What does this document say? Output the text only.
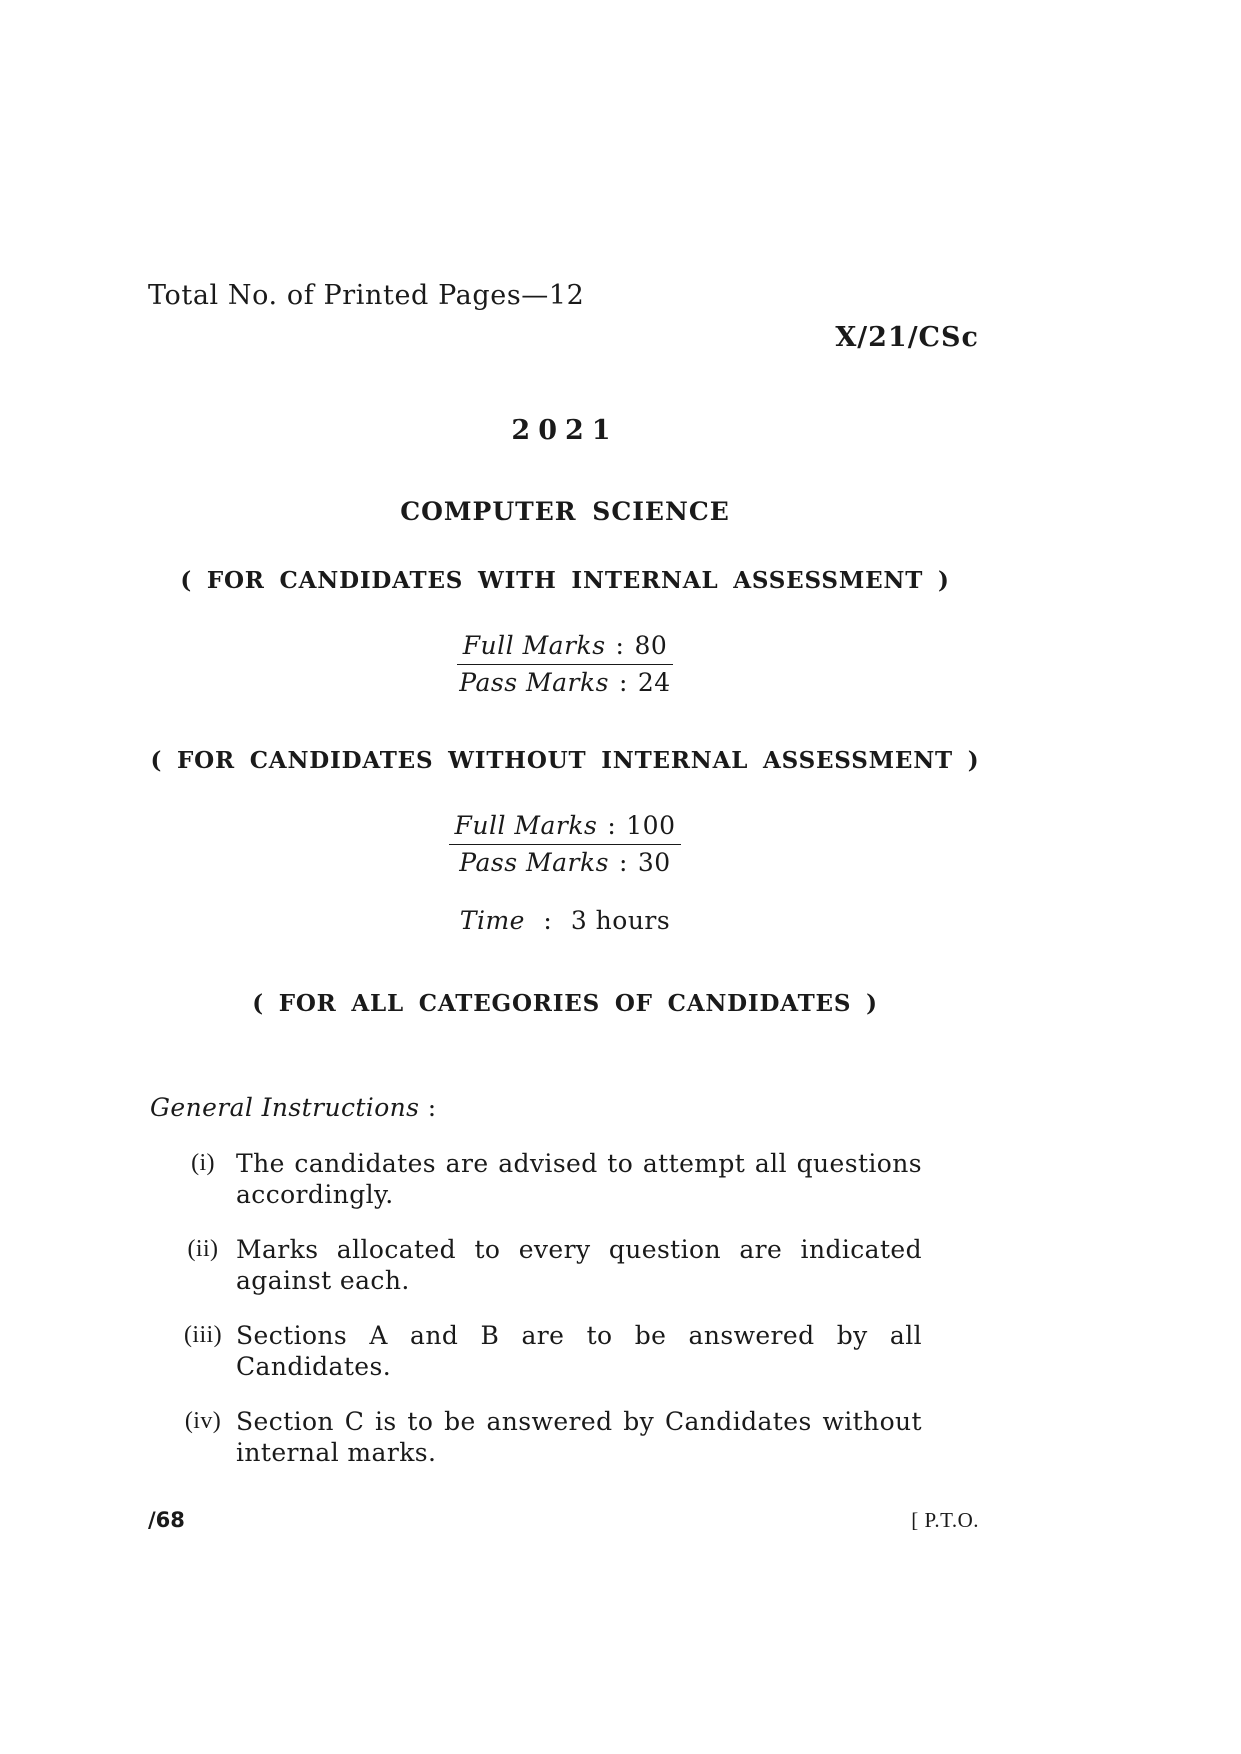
Total No. of Printed Pages—12
X/21/CSc
2021
COMPUTER SCIENCE
( FOR CANDIDATES WITH INTERNAL ASSESSMENT )
Full Marks : 80
Pass Marks : 24
( FOR CANDIDATES WITHOUT INTERNAL ASSESSMENT )
Full Marks : 100
Pass Marks : 30
Time : 3 hours
( FOR ALL CATEGORIES OF CANDIDATES )
General Instructions :
(i) The candidates are advised to attempt all questions accordingly.
(ii) Marks allocated to every question are indicated against each.
(iii) Sections A and B are to be answered by all Candidates.
(iv) Section C is to be answered by Candidates without internal marks.
/68	[ P.T.O.
